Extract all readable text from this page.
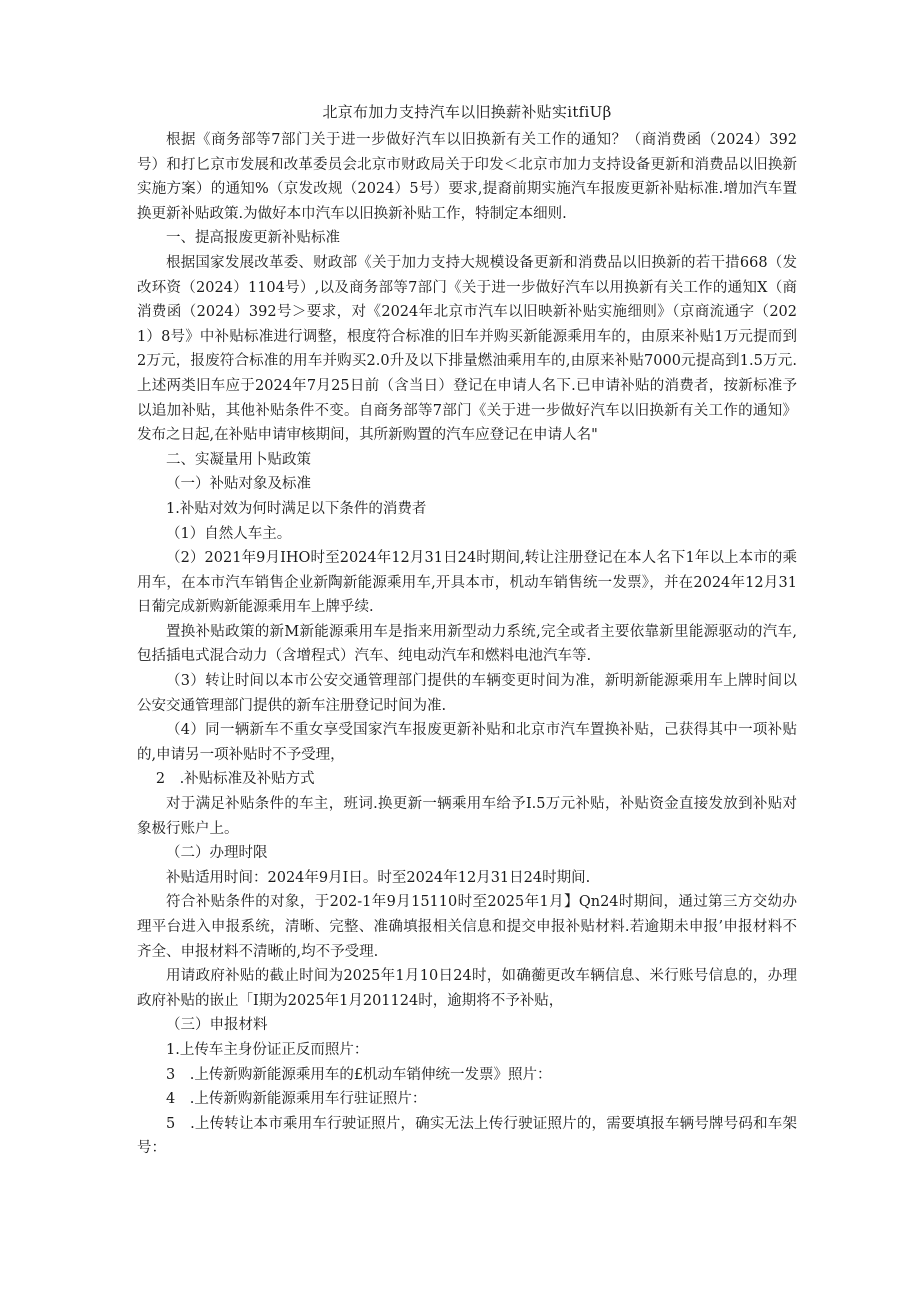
北京布加力支持汽车以旧换薪补贴实itfiUβ

根据《商务部等7部门关于进一步做好汽车以旧换新有关工作的通知？（商消费函（2024）392号）和打匕京市发展和改革委员会北京市财政局关于印发＜北京市加力支持设备更新和消费品以旧换新实施方案）的通知%（京发改规（2024）5号）要求,提裔前期实施汽车报废更新补贴标准.增加汽车置换更新补贴政策.为做好本巾汽车以旧换新补贴工作，特制定本细则.

一、提高报废更新补贴标准

根据国家发展改革委、财政部《关于加力支持大规模设备更新和消费品以旧换新的若干措668（发改环资（2024）1104号）,以及商务部等7部门《关于进一步做好汽车以用换新有关工作的通知X（商消费函（2024）392号＞要求，对《2024年北京市汽车以旧映新补贴实施细则》（京商流通字（2021）8号》中补贴标准进行调整，根度符合标准的旧车并购买新能源乘用车的，由原来补贴1万元提而到2万元，报废符合标准的用车并购买2.0升及以下排量燃油乘用车的,由原来补贴7000元提高到1.5万元.上述两类旧车应于2024年7月25日前（含当日）登记在申请人名下.已申请补贴的消费者，按新标准予以追加补贴，其他补贴条件不变。自商务部等7部门《关于进一步做好汽车以旧换新有关工作的通知》发布之日起,在补贴申请审核期间，其所新购置的汽车应登记在申请人名"

二、实凝量用卜贴政策

（一）补贴对象及标准

1.补贴对效为何时满足以下条件的消费者

（1）自然人车主。

（2）2021年9月IHO时至2024年12月31日24时期间,转让注册登记在本人名下1年以上本市的乘用车，在本市汽车销售企业新陶新能源乘用车,开具本市，机动车销售统一发票》，并在2024年12月31日葡完成新购新能源乘用车上牌乎续.

置换补贴政策的新M新能源乘用车是指来用新型动力系统,完全或者主要依靠新里能源驱动的汽车,包括插电式混合动力（含增程式）汽车、纯电动汽车和燃料电池汽车等.

（3）转让时间以本市公安交通管理部门提供的车辆变更时间为准，新明新能源乘用车上牌时间以公安交通管理部门提供的新车注册登记时间为准.

（4）同一辆新车不重女享受国家汽车报废更新补贴和北京市汽车置换补贴，己获得其中一项补贴的,申请另一项补贴时不予受理，

2　.补贴标准及补贴方式

对于满足补贴条件的车主，班词.换更新一辆乘用车给予I.5万元补贴，补贴资金直接发放到补贴对象极行账户上。

（二）办理时限

补贴适用时间：2024年9月I日。时至2024年12月31日24时期间.

符合补贴条件的对象，于202-1年9月15110时至2025年1月】Qn24时期间，通过第三方交幼办理平台进入申报系统，清晰、完整、准确填报相关信息和提交申报补贴材料.若逾期未申报’申报材料不齐全、申报材料不清晰的,均不予受理.

用请政府补贴的截止时间为2025年1月10日24时，如确蘅更改车辆信息、米行账号信息的，办理政府补贴的嵌止「I期为2025年1月201124时，逾期将不予补贴，

（三）申报材料

1.上传车主身份证正反而照片：

3　.上传新购新能源乘用车的£机动车销伸统一发票》照片：

4　.上传新购新能源乘用车行驻证照片：

5　.上传转让本市乘用车行驶证照片，确实无法上传行驶证照片的，需要填报车辆号牌号码和车架号：
